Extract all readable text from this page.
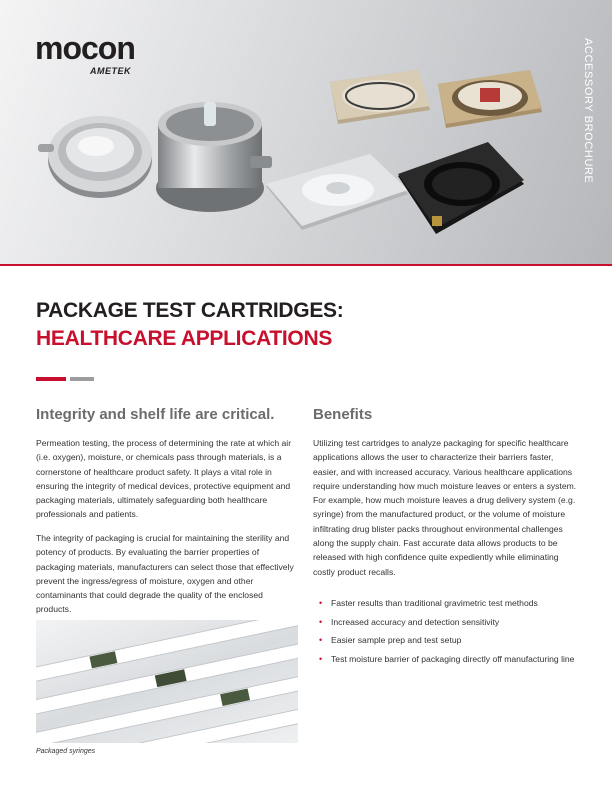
mocon
AMETEK	ACCESSORY BROCHURE
PACKAGE TEST CARTRIDGES:
HEALTHCARE APPLICATIONS
Integrity and shelf life are critical.
Permeation testing, the process of determining the rate at which air (i.e. oxygen), moisture, or chemicals pass through materials, is a cornerstone of healthcare product safety. It plays a vital role in ensuring the integrity of medical devices, protective equipment and packaging materials, ultimately safeguarding both healthcare professionals and patients.
The integrity of packaging is crucial for maintaining the sterility and potency of products. By evaluating the barrier properties of packaging materials, manufacturers can select those that effectively prevent the ingress/egress of moisture, oxygen and other contaminants that could degrade the quality of the enclosed products.
Packaged syringes
Benefits
Utilizing test cartridges to analyze packaging for specific healthcare applications allows the user to characterize their barriers faster, easier, and with increased accuracy. Various healthcare applications require understanding how much moisture leaves or enters a system. For example, how much moisture leaves a drug delivery system (e.g. syringe) from the manufactured product, or the volume of moisture infiltrating drug blister packs throughout environmental challenges along the supply chain. Fast accurate data allows products to be released with high confidence quite expediently while eliminating costly product recalls.
• Faster results than traditional gravimetric test methods
• Increased accuracy and detection sensitivity
• Easier sample prep and test setup
• Test moisture barrier of packaging directly off manufacturing line
